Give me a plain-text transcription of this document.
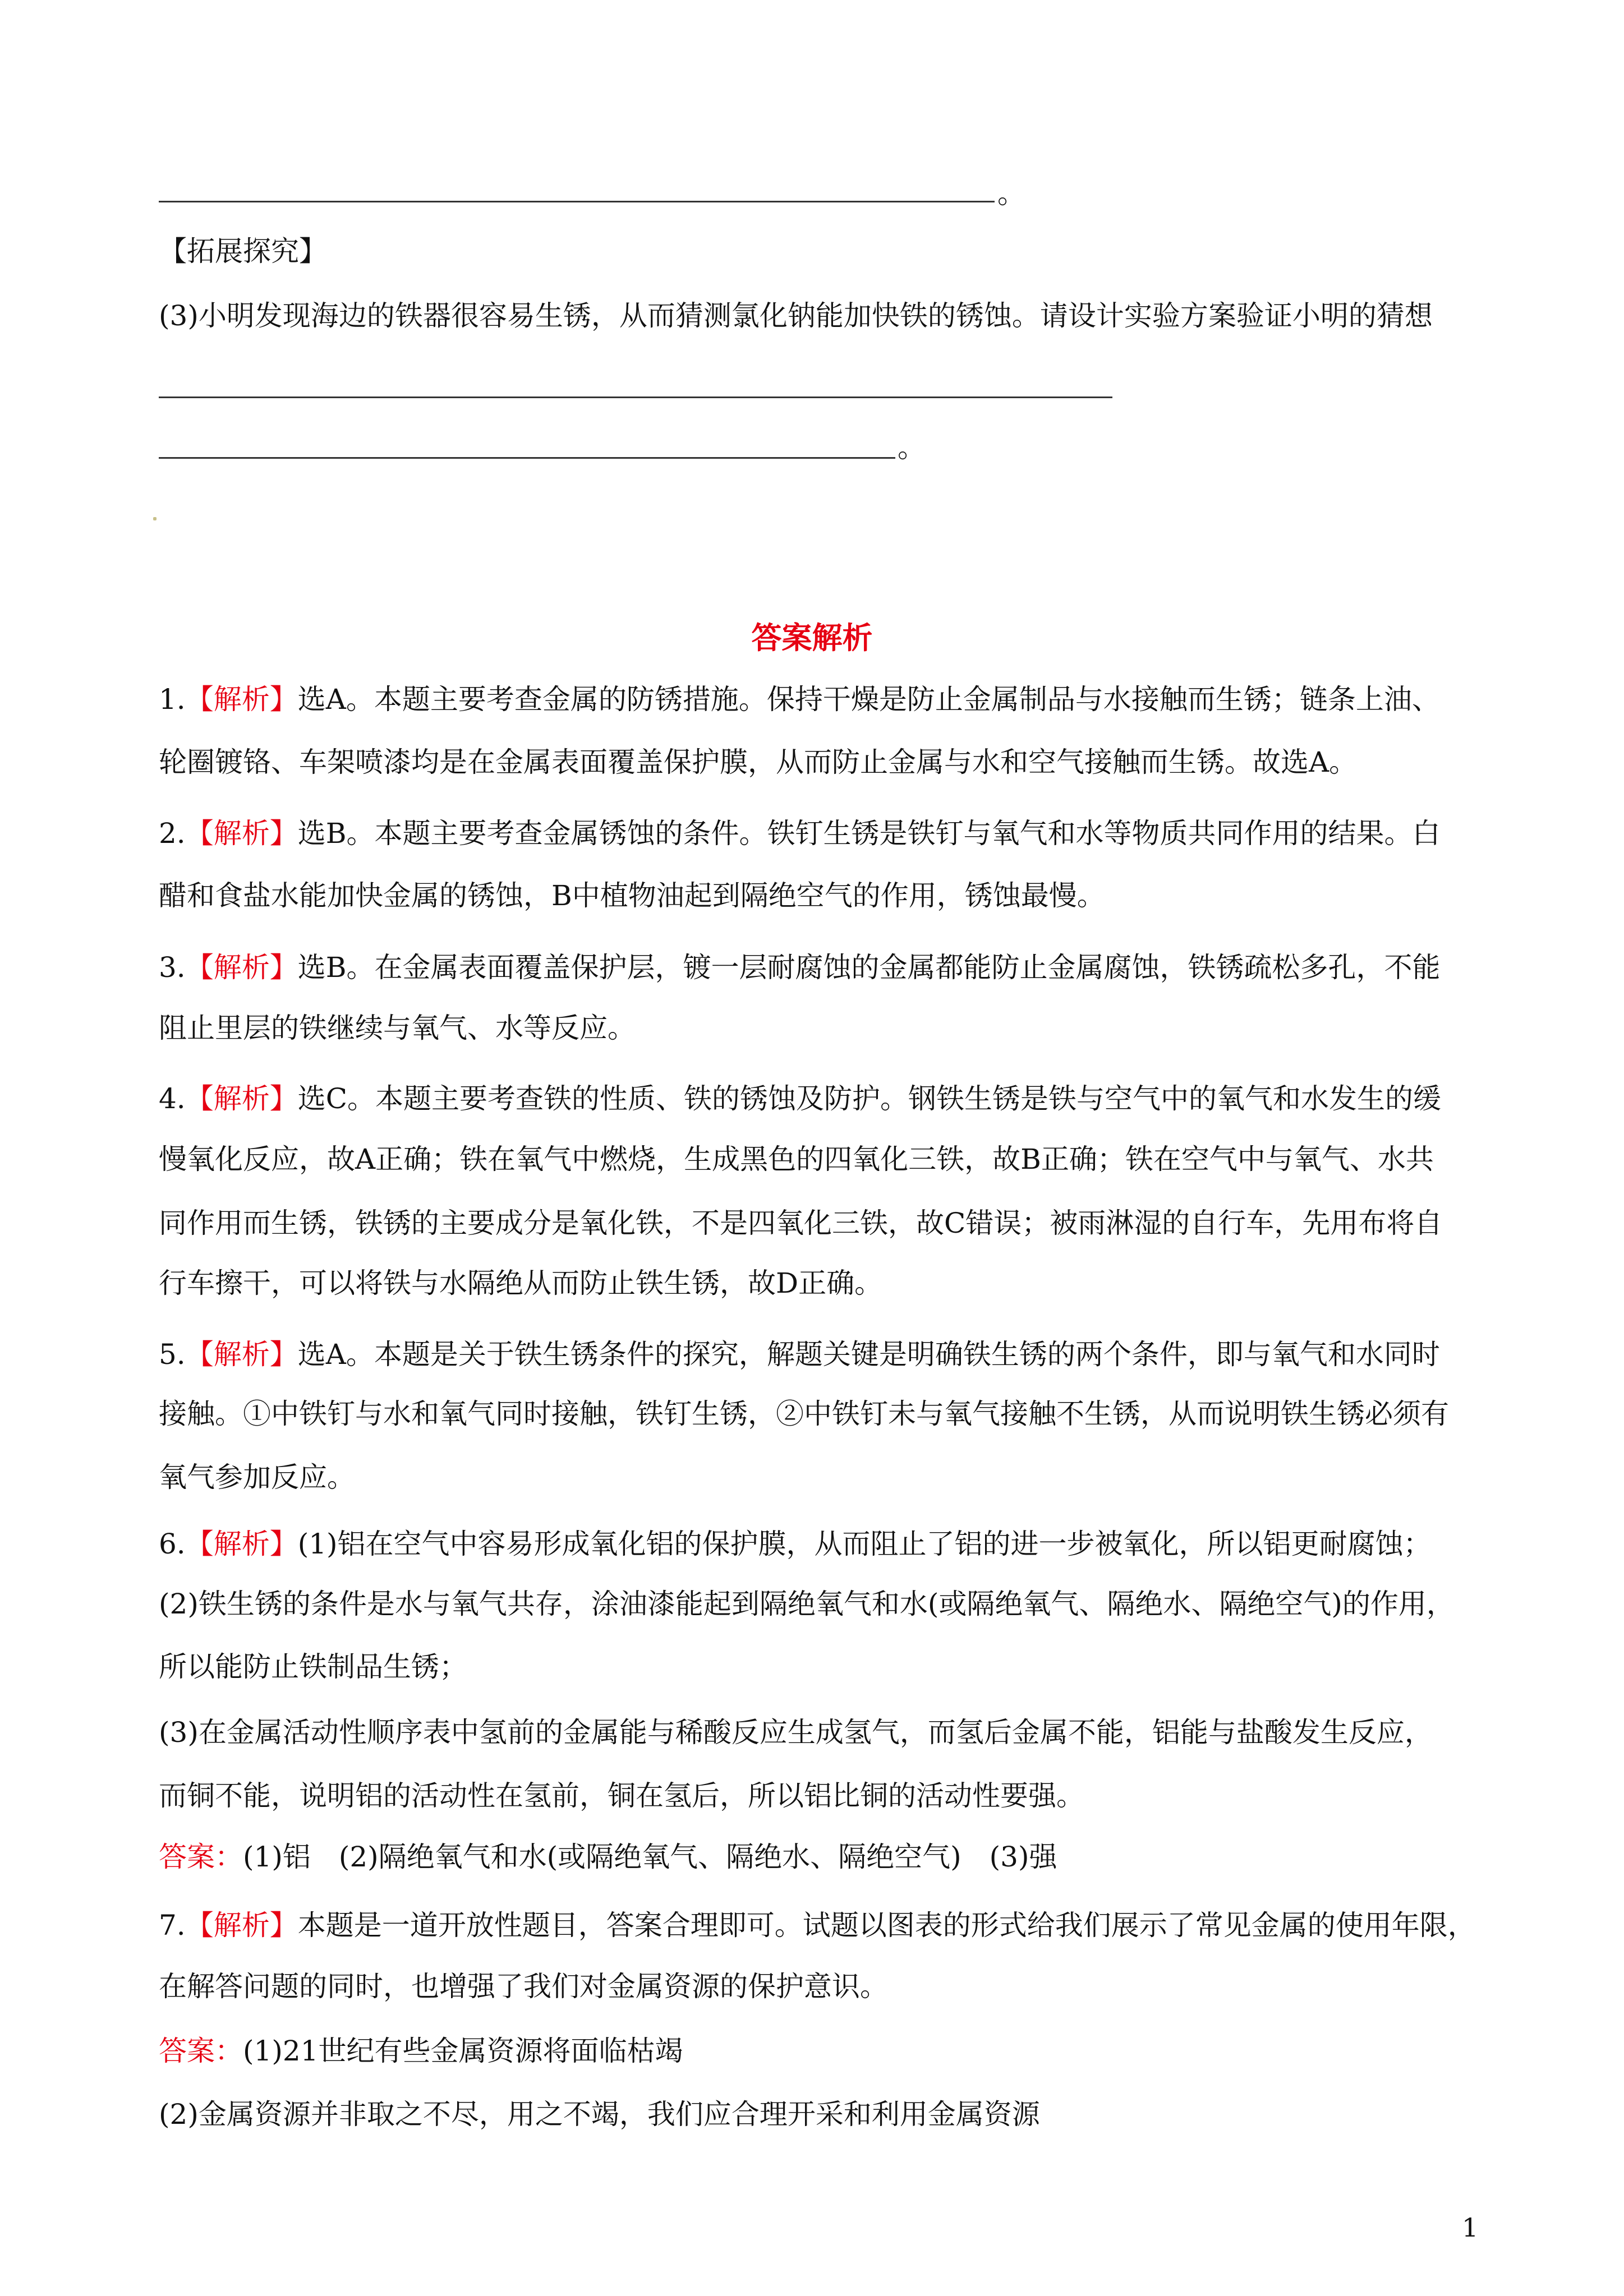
。
【拓展探究】
(3)小明发现海边的铁器很容易生锈，从而猜测氯化钠能加快铁的锈蚀。请设计实验方案验证小明的猜想
。
答案解析
1.【解析】选A。本题主要考查金属的防锈措施。保持干燥是防止金属制品与水接触而生锈；链条上油、
轮圈镀铬、车架喷漆均是在金属表面覆盖保护膜，从而防止金属与水和空气接触而生锈。故选A。
2.【解析】选B。本题主要考查金属锈蚀的条件。铁钉生锈是铁钉与氧气和水等物质共同作用的结果。白
醋和食盐水能加快金属的锈蚀，B中植物油起到隔绝空气的作用，锈蚀最慢。
3.【解析】选B。在金属表面覆盖保护层，镀一层耐腐蚀的金属都能防止金属腐蚀，铁锈疏松多孔，不能
阻止里层的铁继续与氧气、水等反应。
4.【解析】选C。本题主要考查铁的性质、铁的锈蚀及防护。钢铁生锈是铁与空气中的氧气和水发生的缓
慢氧化反应，故A正确；铁在氧气中燃烧，生成黑色的四氧化三铁，故B正确；铁在空气中与氧气、水共
同作用而生锈，铁锈的主要成分是氧化铁，不是四氧化三铁，故C错误；被雨淋湿的自行车，先用布将自
行车擦干，可以将铁与水隔绝从而防止铁生锈，故D正确。
5.【解析】选A。本题是关于铁生锈条件的探究，解题关键是明确铁生锈的两个条件，即与氧气和水同时
接触。①中铁钉与水和氧气同时接触，铁钉生锈，②中铁钉未与氧气接触不生锈，从而说明铁生锈必须有
氧气参加反应。
6.【解析】(1)铝在空气中容易形成氧化铝的保护膜，从而阻止了铝的进一步被氧化，所以铝更耐腐蚀；
(2)铁生锈的条件是水与氧气共存，涂油漆能起到隔绝氧气和水(或隔绝氧气、隔绝水、隔绝空气)的作用，
所以能防止铁制品生锈；
(3)在金属活动性顺序表中氢前的金属能与稀酸反应生成氢气，而氢后金属不能，铝能与盐酸发生反应，
而铜不能，说明铝的活动性在氢前，铜在氢后，所以铝比铜的活动性要强。
答案：(1)铝　(2)隔绝氧气和水(或隔绝氧气、隔绝水、隔绝空气)　(3)强
7.【解析】本题是一道开放性题目，答案合理即可。试题以图表的形式给我们展示了常见金属的使用年限，
在解答问题的同时，也增强了我们对金属资源的保护意识。
答案：(1)21世纪有些金属资源将面临枯竭
(2)金属资源并非取之不尽，用之不竭，我们应合理开采和利用金属资源
1
